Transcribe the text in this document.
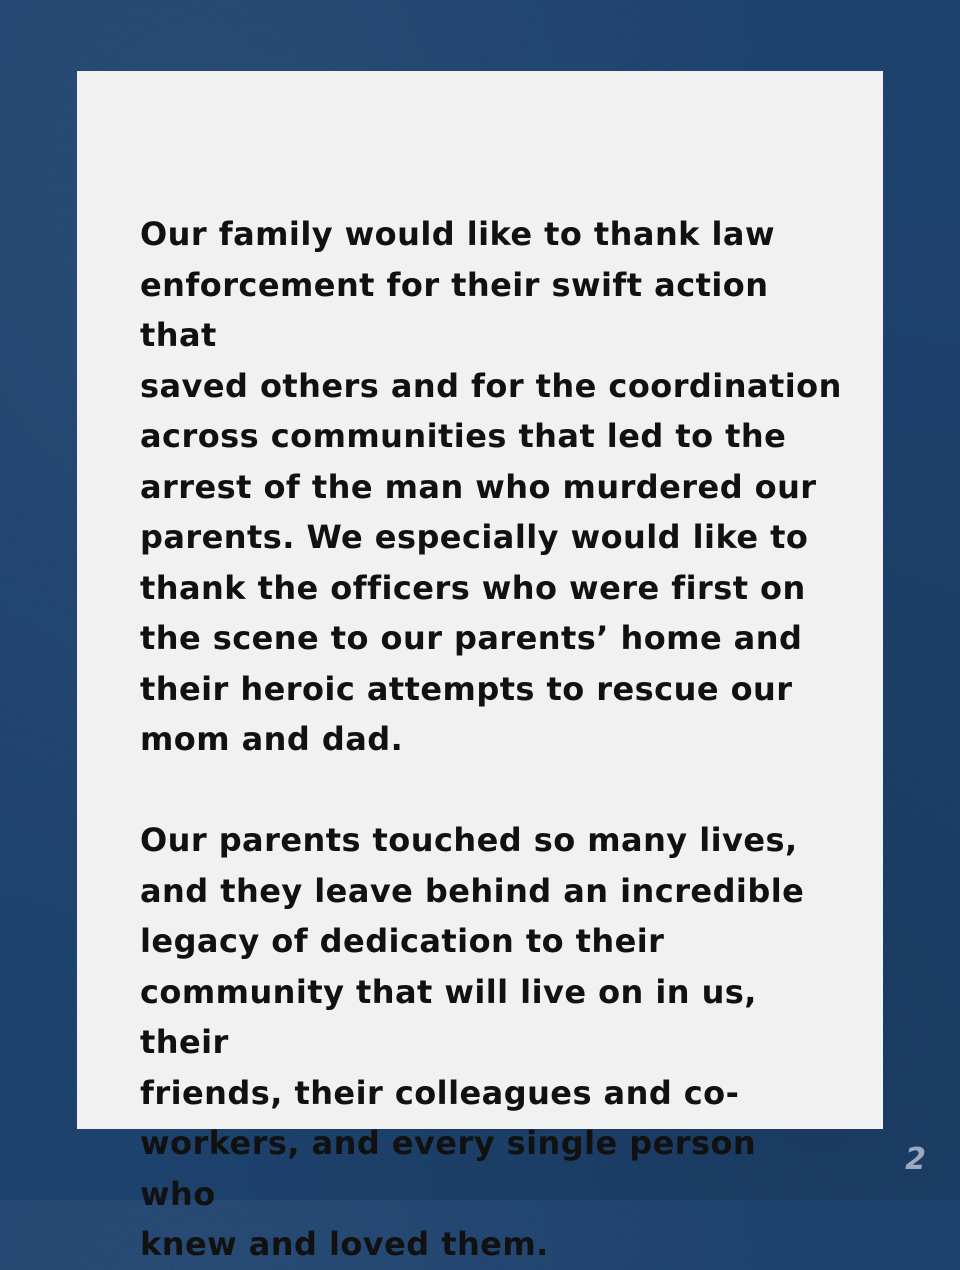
Our family would like to thank law
enforcement for their swift action that
saved others and for the coordination
across communities that led to the
arrest of the man who murdered our
parents. We especially would like to
thank the officers who were first on
the scene to our parents’ home and
their heroic attempts to rescue our
mom and dad.

Our parents touched so many lives,
and they leave behind an incredible
legacy of dedication to their
community that will live on in us, their
friends, their colleagues and co-
workers, and every single person who
knew and loved them.

2
